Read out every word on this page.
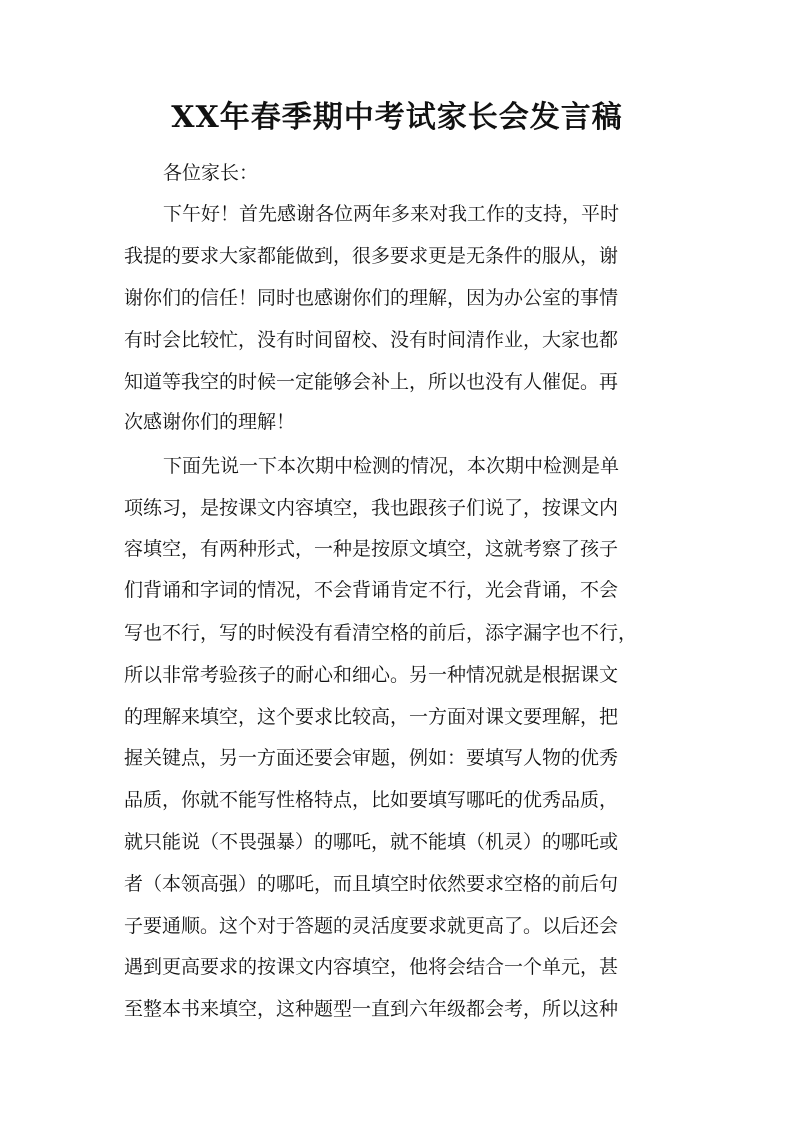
XX年春季期中考试家长会发言稿
各位家长：
下午好！首先感谢各位两年多来对我工作的支持，平时
我提的要求大家都能做到，很多要求更是无条件的服从，谢
谢你们的信任！同时也感谢你们的理解，因为办公室的事情
有时会比较忙，没有时间留校、没有时间清作业，大家也都
知道等我空的时候一定能够会补上，所以也没有人催促。再
次感谢你们的理解！
下面先说一下本次期中检测的情况，本次期中检测是单
项练习，是按课文内容填空，我也跟孩子们说了，按课文内
容填空，有两种形式，一种是按原文填空，这就考察了孩子
们背诵和字词的情况，不会背诵肯定不行，光会背诵，不会
写也不行，写的时候没有看清空格的前后，添字漏字也不行，
所以非常考验孩子的耐心和细心。另一种情况就是根据课文
的理解来填空，这个要求比较高，一方面对课文要理解，把
握关键点，另一方面还要会审题，例如：要填写人物的优秀
品质，你就不能写性格特点，比如要填写哪吒的优秀品质，
就只能说（不畏强暴）的哪吒，就不能填（机灵）的哪吒或
者（本领高强）的哪吒，而且填空时依然要求空格的前后句
子要通顺。这个对于答题的灵活度要求就更高了。以后还会
遇到更高要求的按课文内容填空，他将会结合一个单元，甚
至整本书来填空，这种题型一直到六年级都会考，所以这种
